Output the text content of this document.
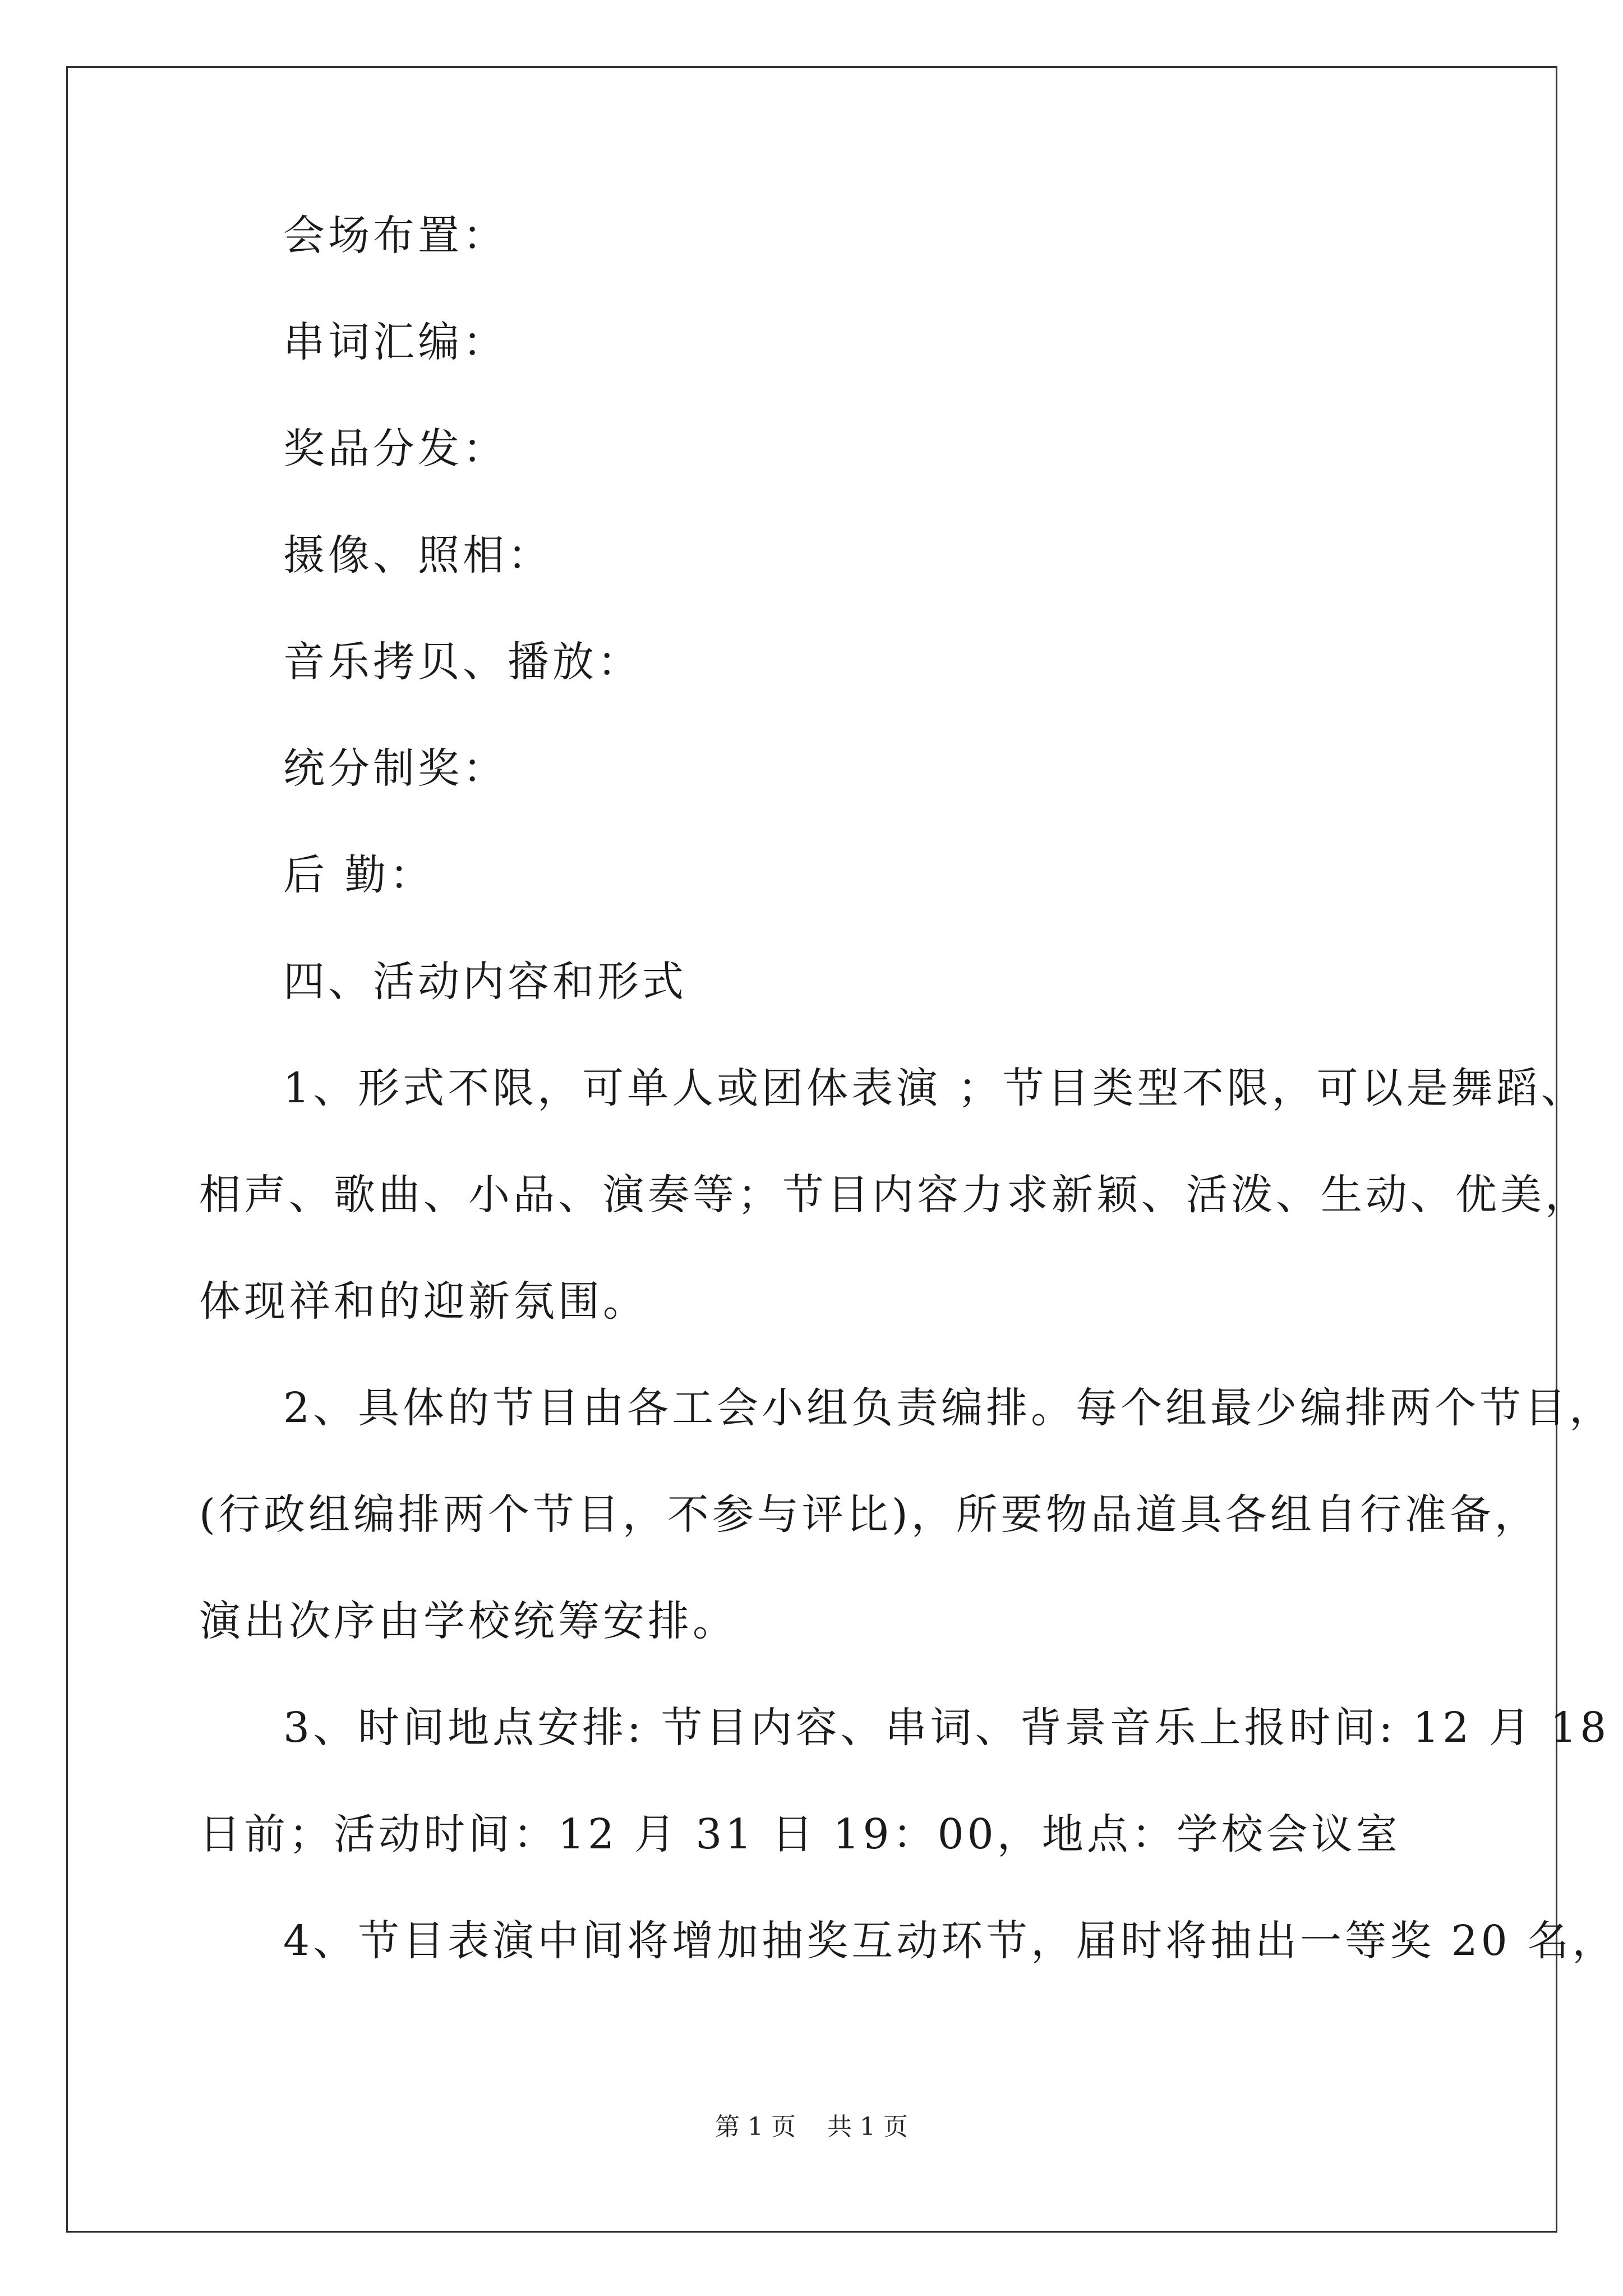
会场布置：
串词汇编：
奖品分发：
摄像、照相：
音乐拷贝、播放：
统分制奖：
后 勤：
四、活动内容和形式
1、形式不限，可单人或团体表演 ；节目类型不限，可以是舞蹈、
相声、歌曲、小品、演奏等；节目内容力求新颖、活泼、生动、优美，
体现祥和的迎新氛围。
2、具体的节目由各工会小组负责编排。每个组最少编排两个节目，
(行政组编排两个节目，不参与评比)，所要物品道具各组自行准备，
演出次序由学校统筹安排。
3、时间地点安排: 节目内容、串词、背景音乐上报时间: 12 月 18
日前；活动时间：12 月 31 日 19：00，地点：学校会议室
4、节目表演中间将增加抽奖互动环节，届时将抽出一等奖 20 名，
第 1 页    共 1 页
